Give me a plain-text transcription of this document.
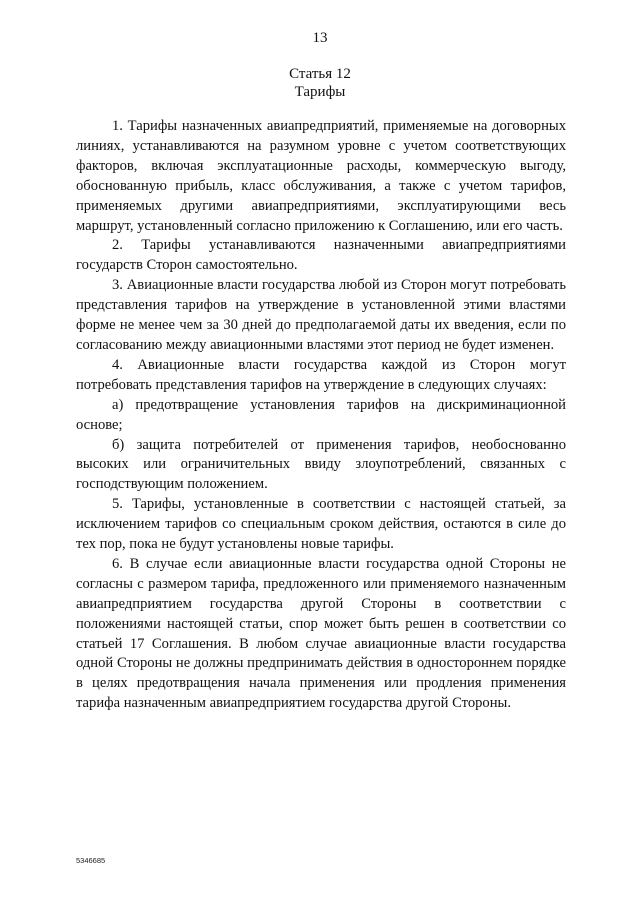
13
Статья 12
Тарифы

1. Тарифы назначенных авиапредприятий, применяемые на договорных линиях, устанавливаются на разумном уровне с учетом соответствующих факторов, включая эксплуатационные расходы, коммерческую выгоду, обоснованную прибыль, класс обслуживания, а также с учетом тарифов, применяемых другими авиапредприятиями, эксплуатирующими весь маршрут, установленный согласно приложению к Соглашению, или его часть.

2. Тарифы устанавливаются назначенными авиапредприятиями государств Сторон самостоятельно.

3. Авиационные власти государства любой из Сторон могут потребовать представления тарифов на утверждение в установленной этими властями форме не менее чем за 30 дней до предполагаемой даты их введения, если по согласованию между авиационными властями этот период не будет изменен.

4. Авиационные власти государства каждой из Сторон могут потребовать представления тарифов на утверждение в следующих случаях:

а) предотвращение установления тарифов на дискриминационной основе;

б) защита потребителей от применения тарифов, необоснованно высоких или ограничительных ввиду злоупотреблений, связанных с господствующим положением.

5. Тарифы, установленные в соответствии с настоящей статьей, за исключением тарифов со специальным сроком действия, остаются в силе до тех пор, пока не будут установлены новые тарифы.

6. В случае если авиационные власти государства одной Стороны не согласны с размером тарифа, предложенного или применяемого назначенным авиапредприятием государства другой Стороны в соответствии с положениями настоящей статьи, спор может быть решен в соответствии со статьей 17 Соглашения. В любом случае авиационные власти государства одной Стороны не должны предпринимать действия в одностороннем порядке в целях предотвращения начала применения или продления применения тарифа назначенным авиапредприятием государства другой Стороны.

5346685
